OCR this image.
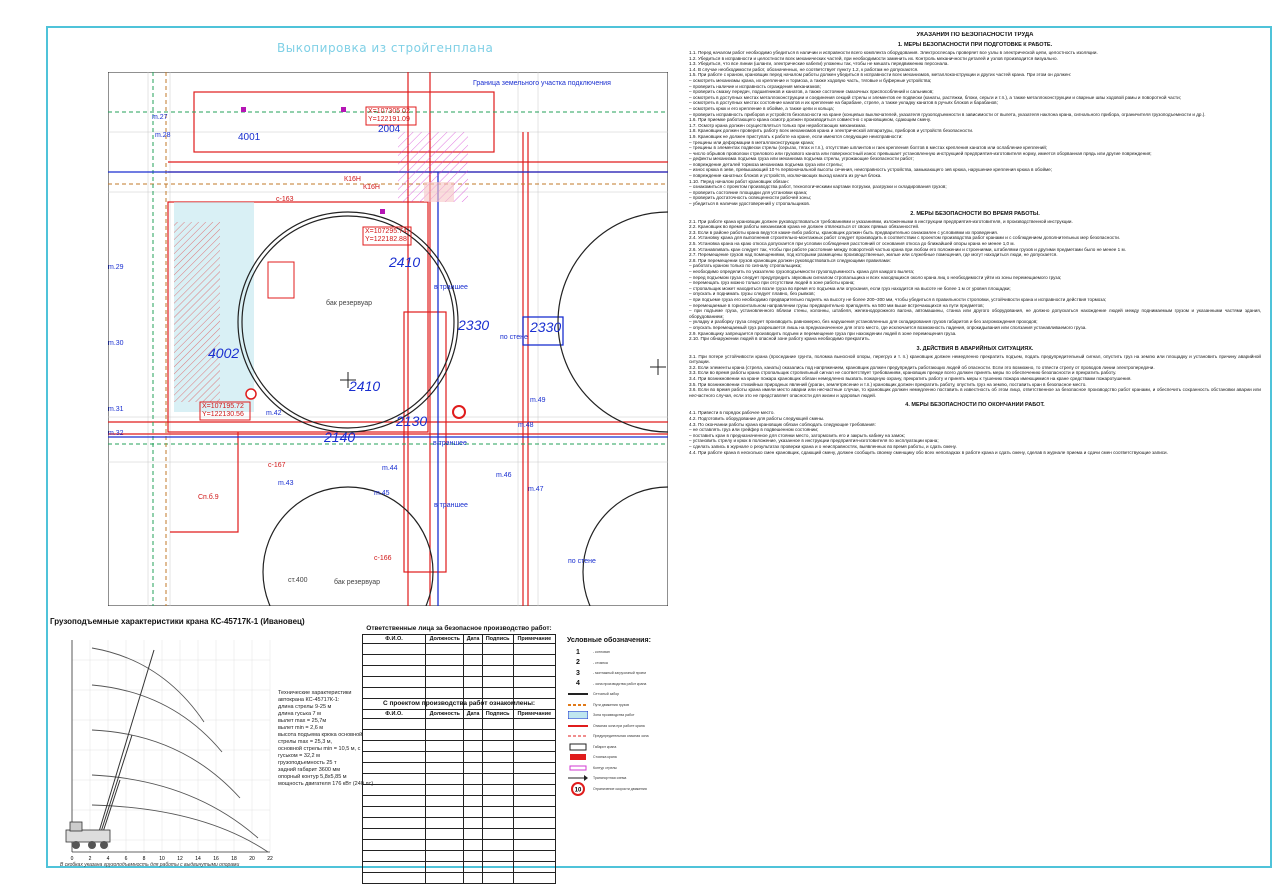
Выкопировка из стройгенплана
2410
2330
2410
2140
2130
4002
2330
2004
4001
m.27
m.28
m.29
m.30
m.31
m.32
m.42
m.43
m.44
m.45
m.46
m.47
m.48
m.49
в траншее
в траншее
в траншее
по стене
по стене
бак резервуар
бак резервуар
ст.400
К16Н
К16Н
Сп.б.9
с-163
с-167
с-166
Х=107305.02
Y=122191.09
Х=107295.74
Y=122182.88
Х=107195.72
Y=122130.56
Граница земельного участка подключения
Грузоподъемные характеристики крана КС-45717К-1 (Ивановец)
0	2	4	6	8	10 12 14 16 18 20 22
Технические характеристики автокрана КС-45717К-1:
длина стрелы 9-25 м
длина гуська 7 м
вылет max = 25,7м
вылет min = 2,6 м
высота подъема крюка основной стрелы max = 25,3 м,
основной стрелы min = 10,5 м, с гуськом = 32,2 м
грузоподъемность 25 т
задний габарит 3600 мм
опорный контур 5,8х5,85 м
мощность двигателя 176 кВт (240 лс)
В скобках указана грузоподъемность для работы с выдвинутыми опорами
Ответственные лица за безопасное производство работ:
Ф.И.О.	Должность	Дата	Подпись	Примечание

С проектом производства работ ознакомлены:
Ф.И.О.	Должность	Дата	Подпись	Примечание

Условные обозначения:
1	- котлован
2	- стоянка
3	- монтажный загрузочный проем
4	- зона производства работ крана
Сетчатый забор
Пути движения грузов
Зона производства работ
Опасная зона при работе крана
Предупредительная опасная зона
Габарит крана
Стоянка крана
Контур стрелы
Транспортная схема
10	Ограничение скорости движения
УКАЗАНИЯ ПО БЕЗОПАСНОСТИ ТРУДА
1. МЕРЫ БЕЗОПАСНОСТИ ПРИ ПОДГОТОВКЕ К РАБОТЕ.

1.1. Перед началом работ необходимо убедиться в наличии и исправности всего комплекта оборудования. Электрослесарь проверяет все узлы в электрической цепи, целостность изоляции.

1.2. Убедиться в исправности и целостности всех механических частей, при необходимости заменить их. Контроль механичности деталей и узлов производится визуально.

1.3. Убедиться, что все линии (шланги, электрические кабели) уложены так, чтобы не мешать передвижению персонала.

1.4. В случае необходимости работ, обозначенных, не соответствует пункту 1.2, к работам не допускаются.

1.5. При работе с краном, крановщик перед началом работы должен убедиться в исправности всех механизмов, металлоконструкции и других частей крана. При этом он должен:

– осмотреть механизмы крана, их крепление и тормоза, а также ходовую часть, тяговые и буферные устройства;

– проверить наличие и исправность ограждения механизмов;

– проверить смазку передач, подшипников и канатов, а также состояние смазочных приспособлений и сальников;

– осмотреть в доступных местах металлоконструкции и соединения секций стрелы и элементов ее подвески (канаты, растяжки, блоки, серьги и т.п.), а также металлоконструкции и сварные швы ходовой рамы и поворотной части;

– осмотреть в доступных местах состояние канатов и их крепление на барабане, стреле, а также укладку канатов в ручьях блоков и барабанов;

– осмотреть крюк и его крепление в обойме, а также цепи и кольца;

– проверить исправность приборов и устройств безопасности на кране (концевых выключателей, указателя грузоподъемности в зависимости от вылета, указателя наклона крана, сигнального прибора, ограничителя грузоподъемности и др.).

1.6. При приемке работающего крана осмотр должен производиться совместно с крановщиком, сдающим смену.

1.7. Осмотр крана должен осуществляться только при неработающих механизмах.

1.8. Крановщик должен проверить работу всех механизмов крана и электрической аппаратуры, приборов и устройств безопасности.

1.9. Крановщик не должен приступать к работе на кране, если имеются следующие неисправности:

– трещины или деформации в металлоконструкции крана;

– трещины в элементах подвески стрелы (серьгах, тягах и т.п.), отсутствие шплинтов и гаек крепления болтов в местах крепления канатов или ослабление креплений;

– число обрывов проволоки стрелового или грузового каната или поверхностный износ превышает установленную инструкцией предприятия-изготовителя норму, имеется оборванная прядь или другие повреждения;

– дефекты механизма подъема груза или механизма подъема стрелы, угрожающие безопасности работ;

– повреждение деталей тормоза механизма подъема груза или стрелы;

– износ крюка в зеве, превышающий 10 % первоначальной высоты сечения, неисправность устройства, замыкающего зев крюка, нарушение крепления крюка в обойме;

– повреждение канатных блоков и устройств, исключающих выход каната из ручья блока.

1.10. Перед началом работ крановщик обязан:

– ознакомиться с проектом производства работ, технологическими картами погрузки, разгрузки и складирования грузов;

– проверить состояние площадки для установки крана;

– проверить достаточность освещенности рабочей зоны;

– убедиться в наличии удостоверений у стропальщиков.

2. МЕРЫ БЕЗОПАСНОСТИ ВО ВРЕМЯ РАБОТЫ.

2.1. При работе крана крановщик должен руководствоваться требованиями и указаниями, изложенными в инструкции предприятия-изготовителя, и производственной инструкции.

2.2. Крановщик во время работы механизмов крана не должен отвлекаться от своих прямых обязанностей.

2.3. Если в районе работы крана ведутся какие-либо работы, крановщик должен быть предварительно ознакомлен с условиями их проведения.

2.4. Установку крана для выполнения строительно-монтажных работ следует производить в соответствии с проектом производства работ кранами и с соблюдением дополнительных мер безопасности.

2.5. Установка крана на краю откоса допускается при условии соблюдения расстояний от основания откоса до ближайшей опоры крана не менее 1,0 м.

2.6. Устанавливать кран следует так, чтобы при работе расстояние между поворотной частью крана при любом его положении и строениями, штабелями грузов и другими предметами было не менее 1 м.

2.7. Перемещение грузов над помещениями, под которыми размещены производственные, жилые или служебные помещения, где могут находиться люди, не допускается.

2.8. При перемещении грузов крановщик должен руководствоваться следующими правилами:

– работать краном только по сигналу стропальщика;

– необходимо определить по указателю грузоподъемности грузоподъемность крана для каждого вылета;

– перед подъемом груза следует предупредить звуковым сигналом стропальщика и всех находящихся около крана лиц о необходимости уйти из зоны перемещаемого груза;

– перемещать груз можно только при отсутствии людей в зоне работы крана;

– стропальщик может находиться возле груза во время его подъема или опускания, если груз находится на высоте не более 1 м от уровня площадки;

– опускать и поднимать грузы следует плавно, без рывков;

– при подъеме груза его необходимо предварительно поднять на высоту не более 200–300 мм, чтобы убедиться в правильности строповки, устойчивости крана и исправности действия тормоза;

– перемещаемые в горизонтальном направлении грузы предварительно приподнять на 500 мм выше встречающихся на пути предметов;

– при подъеме груза, установленного вблизи стены, колонны, штабеля, железнодорожного вагона, автомашины, станка или другого оборудования, не должно допускаться нахождение людей между поднимаемым грузом и указанными частями здания, оборудованием;

– укладку и разборку груза следует производить равномерно, без нарушения установленных для складирования грузов габаритов и без загромождения проходов;

– опускать перемещаемый груз разрешается лишь на предназначенное для этого место, где исключается возможность падения, опрокидывания или сползания устанавливаемого груза.

2.9. Крановщику запрещается производить подъем и перемещение груза при нахождении людей в зоне перемещения груза.

2.10. При обнаружении людей в опасной зоне работу крана необходимо прекратить.

3. ДЕЙСТВИЯ В АВАРИЙНЫХ СИТУАЦИЯХ.

3.1. При потере устойчивости крана (проседание грунта, поломка выносной опоры, перегруз и т. п.) крановщик должен немедленно прекратить подъем, подать предупредительный сигнал, опустить груз на землю или площадку и установить причину аварийной ситуации.

3.2. Если элементы крана (стрела, канаты) оказались под напряжением, крановщик должен предупредить работающих людей об опасности. Если это возможно, то отвести стрелу от проводов линии электропередачи.

3.3. Если во время работы крана стропальщик стропильный сигнал не соответствует требованиям, крановщик прежде всего должен принять меры по обеспечению безопасности и прекратить работу.

3.4. При возникновении на кране пожара крановщик обязан немедленно вызвать пожарную охрану, прекратить работу и принять меры к тушению пожара имеющимися на кране средствами пожаротушения.

3.5. При возникновении стихийных природных явлений (ураган, землетрясение и т.п.) крановщик должен прекратить работу, опустить груз на землю, поставить кран в безопасное место.

3.6. Если во время работы крана имели место аварии или несчастные случаи, то крановщик должен немедленно поставить в известность об этом лицо, ответственное за безопасное производство работ кранами, и обеспечить сохранность обстановки аварии или несчастного случая, если это не представляет опасности для жизни и здоровья людей.

4. МЕРЫ БЕЗОПАСНОСТИ ПО ОКОНЧАНИИ РАБОТ.

4.1. Привести в порядок рабочее место.

4.2. Подготовить оборудование для работы следующей смены.

4.3. По окончании работы крана крановщик обязан соблюдать следующие требования:

– не оставлять груз или грейфер в подвешенном состоянии;

– поставить кран в предназначенное для стоянки место, затормозить его и закрыть кабину на замок;

– установить стрелу и крюк в положение, указанное в инструкции предприятия-изготовителя по эксплуатации крана;

– сделать запись в журнале о результатах проверки крана и о неисправностях, выявленных во время работы, и сдать смену.

4.4. При работе крана в несколько смен крановщик, сдающий смену, должен сообщить своему сменщику обо всех неполадках в работе крана и сдать смену, сделав в журнале приема и сдачи смен соответствующие записи.
